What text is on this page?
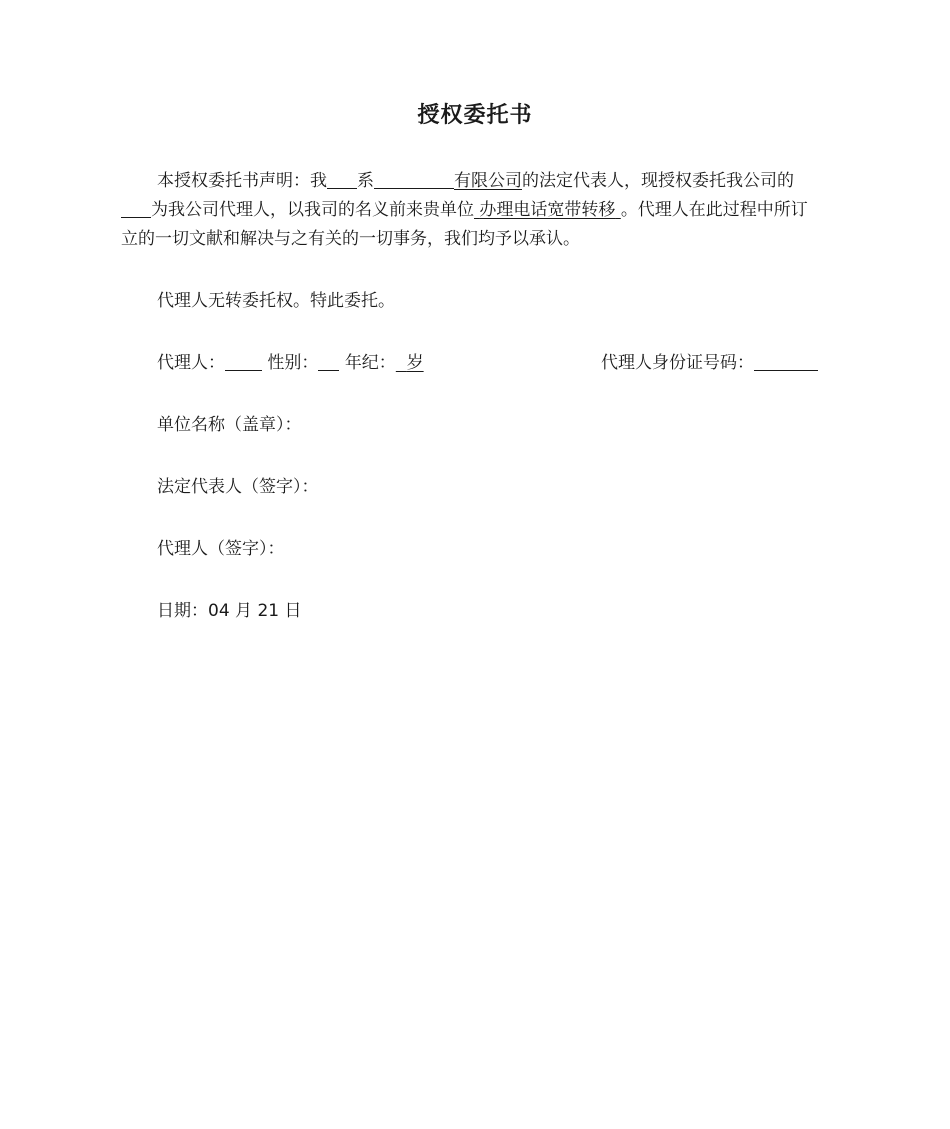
授权委托书
本授权委托书声明：我 系	有限公司的法定代表人，现授权委托我公司的为我公司代理人，以我司的名义前来贵单位 办理电话宽带转移 。代理人在此过程中所订立的一切文献和解决与之有关的一切事务，我们均予以承认。
代理人无转委托权。特此委托。
代理人： 性别： 年纪： 岁	代理人身份证号码：
单位名称（盖章）：
法定代表人（签字）：
代理人（签字）：
日期：04 月 21 日
